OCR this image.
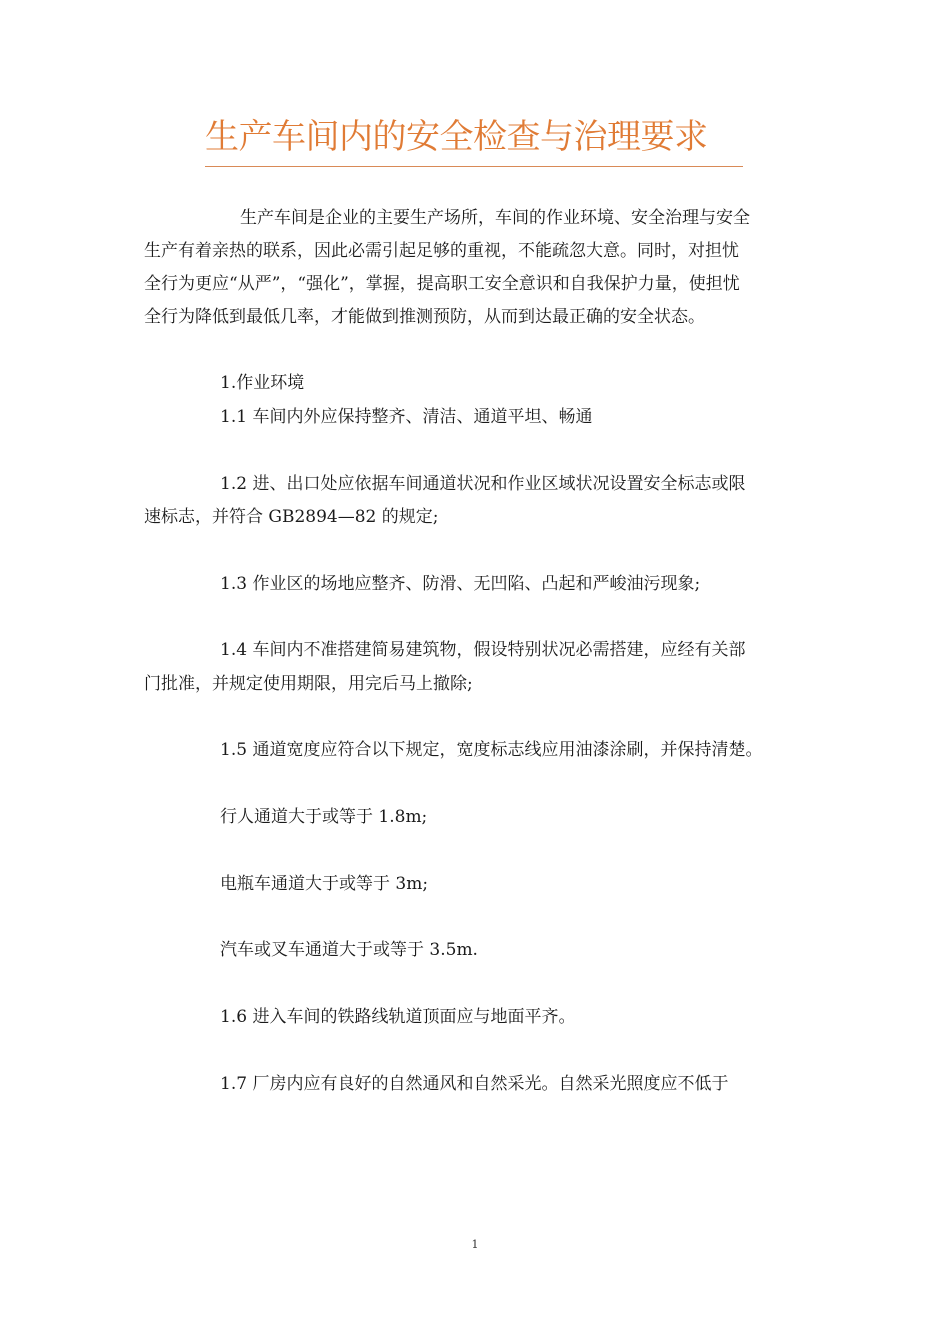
生产车间内的安全检查与治理要求
生产车间是企业的主要生产场所，车间的作业环境、安全治理与安全
生产有着亲热的联系，因此必需引起足够的重视，不能疏忽大意。同时，对担忧
全行为更应“从严”，“强化”，掌握，提高职工安全意识和自我保护力量，使担忧
全行为降低到最低几率，才能做到推测预防，从而到达最正确的安全状态。
1.作业环境
1.1 车间内外应保持整齐、清洁、通道平坦、畅通
1.2 进、出口处应依据车间通道状况和作业区域状况设置安全标志或限
速标志，并符合 GB2894—82 的规定;
1.3 作业区的场地应整齐、防滑、无凹陷、凸起和严峻油污现象;
1.4 车间内不准搭建简易建筑物，假设特别状况必需搭建，应经有关部
门批准，并规定使用期限，用完后马上撤除;
1.5 通道宽度应符合以下规定，宽度标志线应用油漆涂刷，并保持清楚。
行人通道大于或等于 1.8m;
电瓶车通道大于或等于 3m;
汽车或叉车通道大于或等于 3.5m.
1.6 进入车间的铁路线轨道顶面应与地面平齐。
1.7 厂房内应有良好的自然通风和自然采光。自然采光照度应不低于
1
